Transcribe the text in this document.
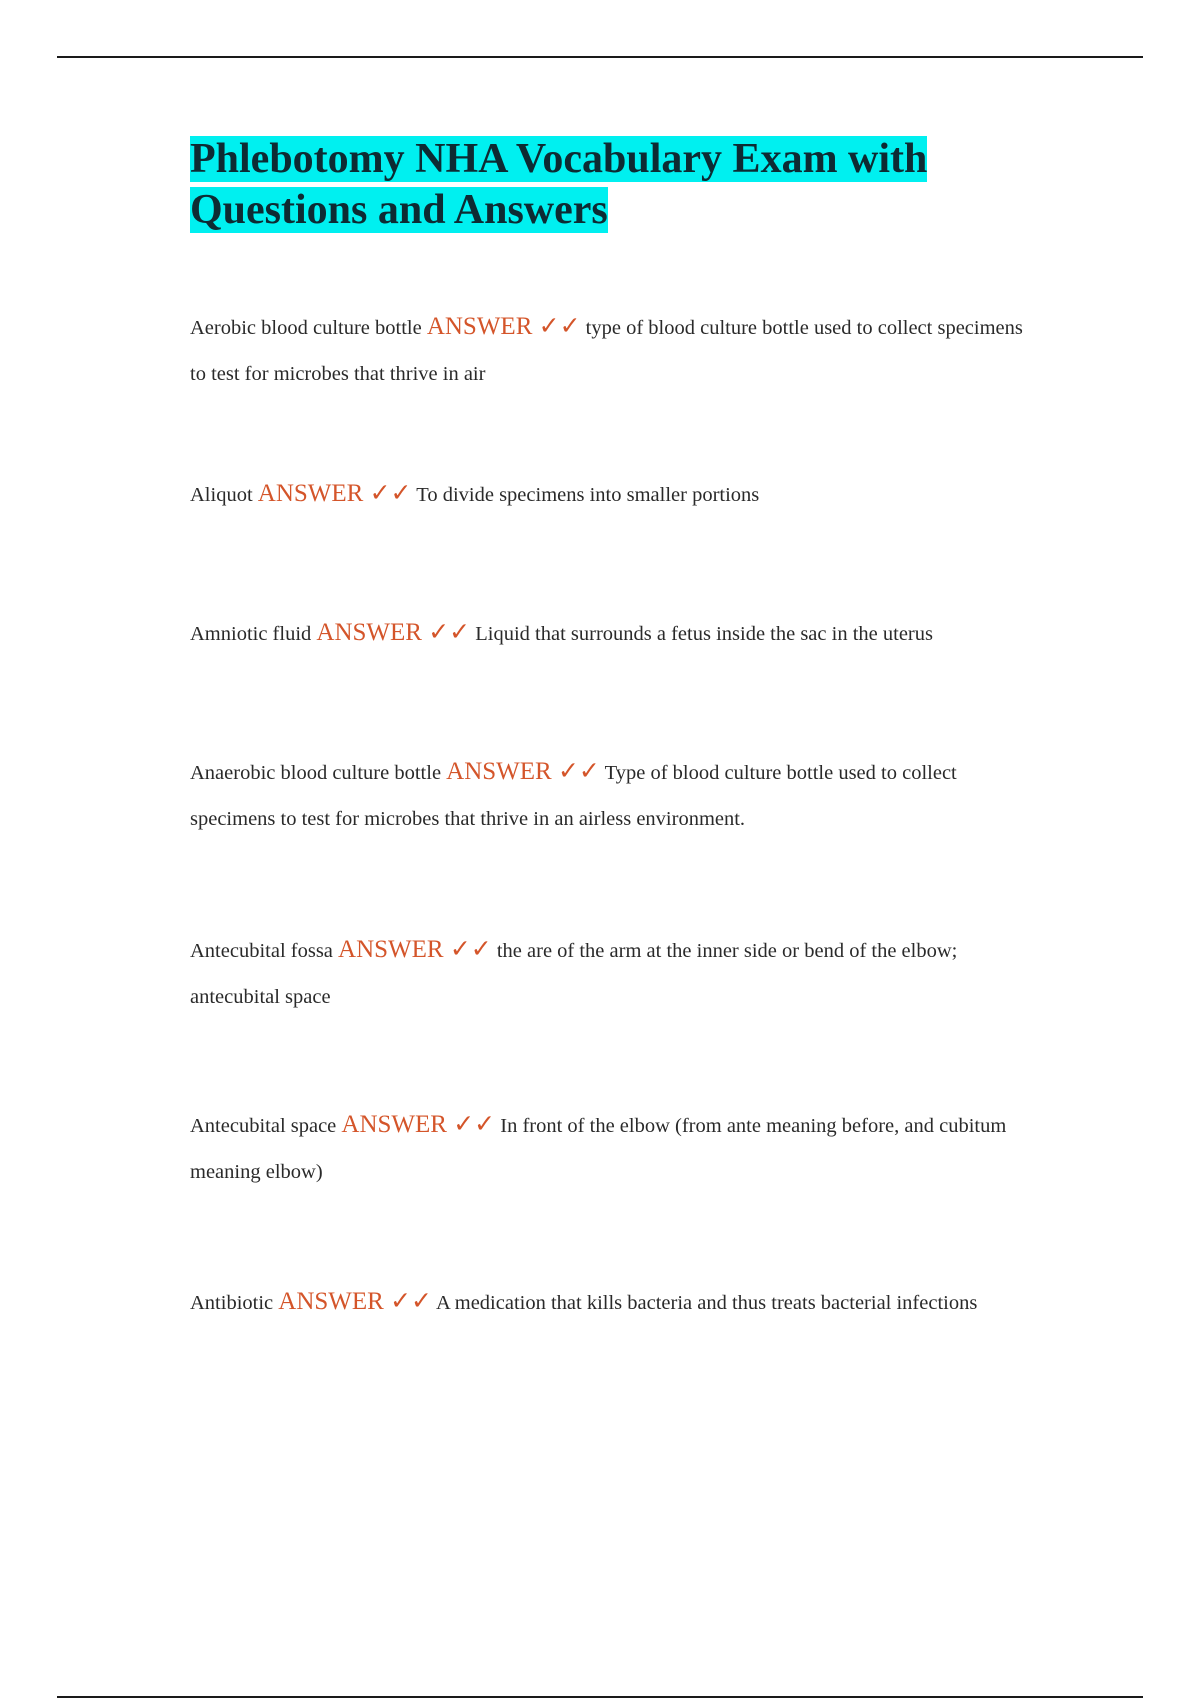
Phlebotomy NHA Vocabulary Exam with
Questions and Answers

Aerobic blood culture bottle ANSWER ✓✓ type of blood culture bottle used to collect specimens to test for microbes that thrive in air

Aliquot ANSWER ✓✓ To divide specimens into smaller portions

Amniotic fluid ANSWER ✓✓ Liquid that surrounds a fetus inside the sac in the uterus

Anaerobic blood culture bottle ANSWER ✓✓ Type of blood culture bottle used to collect specimens to test for microbes that thrive in an airless environment.

Antecubital fossa ANSWER ✓✓ the are of the arm at the inner side or bend of the elbow; antecubital space

Antecubital space ANSWER ✓✓ In front of the elbow (from ante meaning before, and cubitum meaning elbow)

Antibiotic ANSWER ✓✓ A medication that kills bacteria and thus treats bacterial infections
